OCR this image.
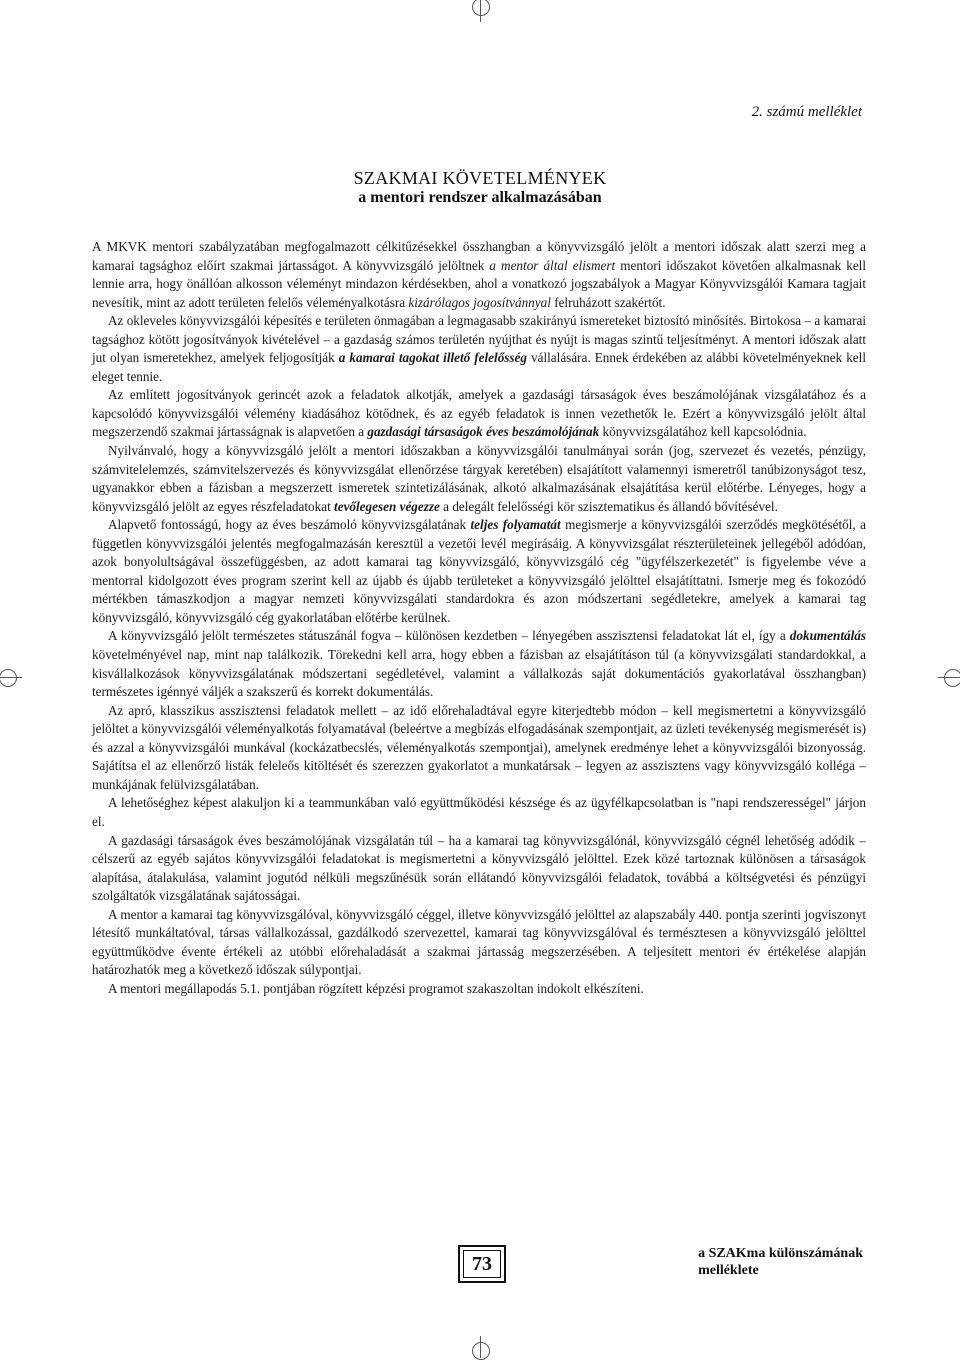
2. számú melléklet
SZAKMAI KÖVETELMÉNYEK
a mentori rendszer alkalmazásában

A MKVK mentori szabályzatában megfogalmazott célkitűzésekkel összhangban a könyvvizsgáló jelölt a mentori időszak alatt szerzi meg a kamarai tagsághoz előírt szakmai jártasságot. A könyvvizsgáló jelöltnek a mentor által elismert mentori időszakot követően alkalmasnak kell lennie arra, hogy önállóan alkosson véleményt mindazon kérdésekben, ahol a vonatkozó jogszabályok a Magyar Könyvvizsgálói Kamara tagjait nevesítik, mint az adott területen felelős véleményalkotásra kizárólagos jogosítvánnyal felruházott szakértőt.

Az okleveles könyvvizsgálói képesítés e területen önmagában a legmagasabb szakirányú ismereteket biztosító minősítés. Birtokosa – a kamarai tagsághoz kötött jogosítványok kivételével – a gazdaság számos területén nyújthat és nyújt is magas szintű teljesítményt. A mentori időszak alatt jut olyan ismeretekhez, amelyek feljogosítják a kamarai tagokat illető felelősség vállalására. Ennek érdekében az alábbi követelményeknek kell eleget tennie.

Az említett jogosítványok gerincét azok a feladatok alkotják, amelyek a gazdasági társaságok éves beszámolójának vizsgálatához és a kapcsolódó könyvvizsgálói vélemény kiadásához kötődnek, és az egyéb feladatok is innen vezethetők le. Ezért a könyvvizsgáló jelölt által megszerzendő szakmai jártasságnak is alapvetően a gazdasági társaságok éves beszámolójának könyvvizsgálatához kell kapcsolódnia.

Nyilvánvaló, hogy a könyvvizsgáló jelölt a mentori időszakban a könyvvizsgálói tanulmányai során (jog, szervezet és vezetés, pénzügy, számvitelelemzés, számvitelszervezés és könyvvizsgálat ellenőrzése tárgyak keretében) elsajátított valamennyi ismeretről tanúbizonyságot tesz, ugyanakkor ebben a fázisban a megszerzett ismeretek szintetizálásának, alkotó alkalmazásának elsajátítása kerül előtérbe. Lényeges, hogy a könyvvizsgáló jelölt az egyes részfeladatokat tevőlegesen végezze a delegált felelősségi kör szisztematikus és állandó bővítésével.

Alapvető fontosságú, hogy az éves beszámoló könyvvizsgálatának teljes folyamatát megismerje a könyvvizsgálói szerződés megkötésétől, a független könyvvizsgálói jelentés megfogalmazásán keresztül a vezetői levél megírásáig. A könyvvizsgálat részterületeinek jellegéből adódóan, azok bonyolultságával összefüggésben, az adott kamarai tag könyvvizsgáló, könyvvizsgáló cég "ügyfélszerkezetét" is figyelembe véve a mentorral kidolgozott éves program szerint kell az újabb és újabb területeket a könyvvizsgáló jelölttel elsajátíttatni. Ismerje meg és fokozódó mértékben támaszkodjon a magyar nemzeti könyvvizsgálati standardokra és azon módszertani segédletekre, amelyek a kamarai tag könyvvizsgáló, könyvvizsgáló cég gyakorlatában előtérbe kerülnek.

A könyvvizsgáló jelölt természetes státuszánál fogva – különösen kezdetben – lényegében asszisztensi feladatokat lát el, így a dokumentálás követelményével nap, mint nap találkozik. Törekedni kell arra, hogy ebben a fázisban az elsajátításon túl (a könyvvizsgálati standardokkal, a kisvállalkozások könyvvizsgálatának módszertani segédletével, valamint a vállalkozás saját dokumentációs gyakorlatával összhangban) természetes igénnyé váljék a szakszerű és korrekt dokumentálás.

Az apró, klasszikus asszisztensi feladatok mellett – az idő előrehaladtával egyre kiterjedtebb módon – kell megismertetni a könyvvizsgáló jelöltet a könyvvizsgálói véleményalkotás folyamatával (beleértve a megbízás elfogadásának szempontjait, az üzleti tevékenység megismerését is) és azzal a könyvvizsgálói munkával (kockázatbecslés, véleményalkotás szempontjai), amelynek eredménye lehet a könyvvizsgálói bizonyosság. Sajátítsa el az ellenőrző listák feleleős kitöltését és szerezzen gyakorlatot a munkatársak – legyen az asszisztens vagy könyvvizsgáló kolléga – munkájának felülvizsgálatában.

A lehetőséghez képest alakuljon ki a teammunkában való együttműködési készsége és az ügyfélkapcsolatban is "napi rendszerességel" járjon el.

A gazdasági társaságok éves beszámolójának vizsgálatán túl – ha a kamarai tag könyvvizsgálónál, könyvvizsgáló cégnél lehetőség adódik – célszerű az egyéb sajátos könyvvizsgálói feladatokat is megismertetni a könyvvizsgáló jelölttel. Ezek közé tartoznak különösen a társaságok alapítása, átalakulása, valamint jogutód nélküli megszűnésük során ellátandó könyvvizsgálói feladatok, továbbá a költségvetési és pénzügyi szolgáltatók vizsgálatának sajátosságai.

A mentor a kamarai tag könyvvizsgálóval, könyvvizsgáló céggel, illetve könyvvizsgáló jelölttel az alapszabály 440. pontja szerinti jogviszonyt létesítő munkáltatóval, társas vállalkozással, gazdálkodó szervezettel, kamarai tag könyvvizsgálóval és természtesen a könyvvizsgáló jelölttel együttműködve évente értékeli az utóbbi előrehaladását a szakmai jártasság megszerzésében. A teljesített mentori év értékelése alapján határozhatók meg a következő időszak súlypontjai.

A mentori megállapodás 5.1. pontjában rögzített képzési programot szakaszoltan indokolt elkészíteni.

73	a SZAKma különszámának
melléklete
